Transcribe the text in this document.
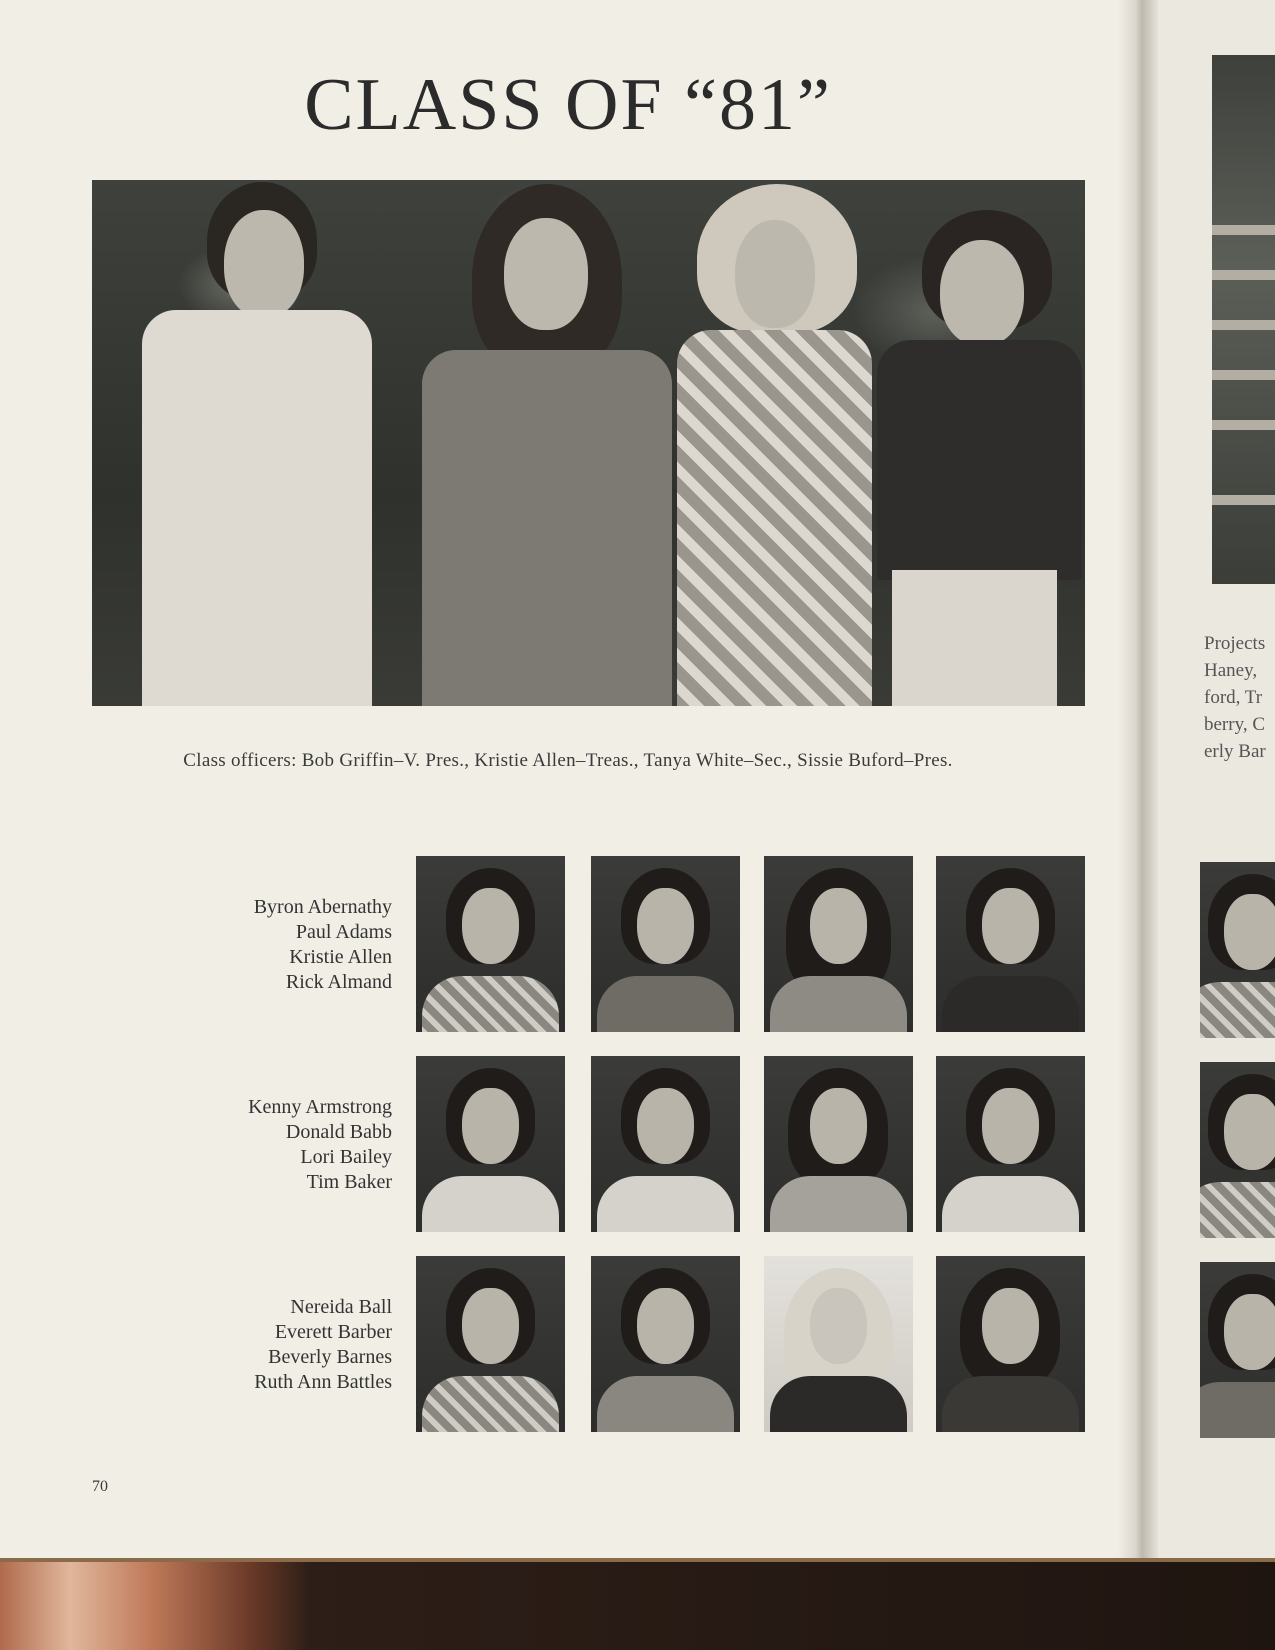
CLASS OF “81”
Class officers: Bob Griffin–V. Pres., Kristie Allen–Treas., Tanya White–Sec., Sissie Buford–Pres.
Byron Abernathy
Paul Adams
Kristie Allen
Rick Almand
Kenny Armstrong
Donald Babb
Lori Bailey
Tim Baker
Nereida Ball
Everett Barber
Beverly Barnes
Ruth Ann Battles
70
Projects
Haney,
ford, Tr
berry, C
erly Bar
